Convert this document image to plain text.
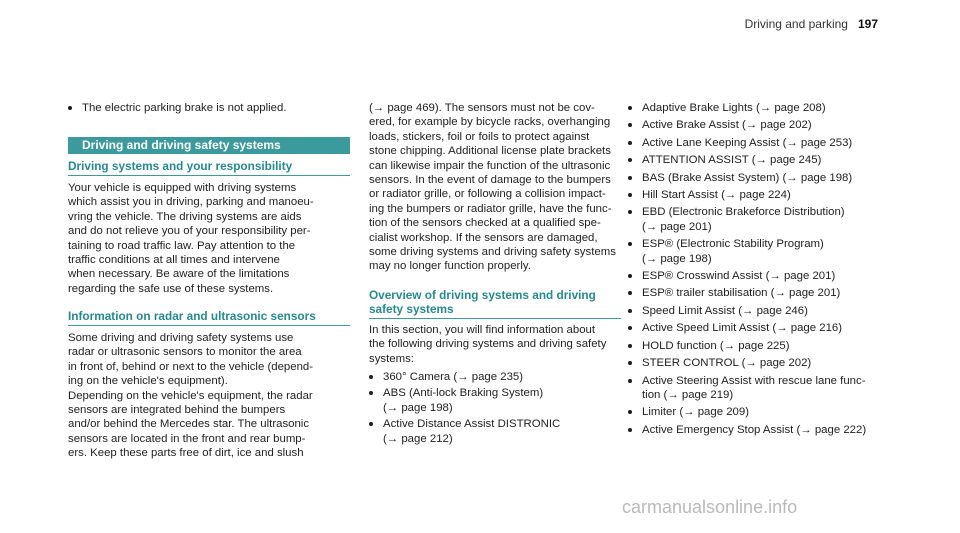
Driving and parking 197
The electric parking brake is not applied.
Driving and driving safety systems
Driving systems and your responsibility

Your vehicle is equipped with driving systems
which assist you in driving, parking and manoeu-
vring the vehicle. The driving systems are aids
and do not relieve you of your responsibility per-
taining to road traffic law. Pay attention to the
traffic conditions at all times and intervene
when necessary. Be aware of the limitations
regarding the safe use of these systems.

Information on radar and ultrasonic sensors

Some driving and driving safety systems use
radar or ultrasonic sensors to monitor the area
in front of, behind or next to the vehicle (depend-
ing on the vehicle's equipment).
Depending on the vehicle's equipment, the radar
sensors are integrated behind the bumpers
and/or behind the Mercedes star. The ultrasonic
sensors are located in the front and rear bump-
ers. Keep these parts free of dirt, ice and slush

(→ page 469). The sensors must not be cov-
ered, for example by bicycle racks, overhanging
loads, stickers, foil or foils to protect against
stone chipping. Additional license plate brackets
can likewise impair the function of the ultrasonic
sensors. In the event of damage to the bumpers
or radiator grille, or following a collision impact-
ing the bumpers or radiator grille, have the func-
tion of the sensors checked at a qualified spe-
cialist workshop. If the sensors are damaged,
some driving systems and driving safety systems
may no longer function properly.

Overview of driving systems and driving
safety systems

In this section, you will find information about
the following driving systems and driving safety
systems:

360° Camera (→ page 235)
ABS (Anti-lock Braking System)
(→ page 198)
Active Distance Assist DISTRONIC
(→ page 212)
Adaptive Brake Lights (→ page 208)
Active Brake Assist (→ page 202)
Active Lane Keeping Assist (→ page 253)
ATTENTION ASSIST (→ page 245)
BAS (Brake Assist System) (→ page 198)
Hill Start Assist (→ page 224)
EBD (Electronic Brakeforce Distribution)
(→ page 201)
ESP® (Electronic Stability Program)
(→ page 198)
ESP® Crosswind Assist (→ page 201)
ESP® trailer stabilisation (→ page 201)
Speed Limit Assist (→ page 246)
Active Speed Limit Assist (→ page 216)
HOLD function (→ page 225)
STEER CONTROL (→ page 202)
Active Steering Assist with rescue lane func-
tion (→ page 219)
Limiter (→ page 209)
Active Emergency Stop Assist (→ page 222)
carmanualsonline.info
